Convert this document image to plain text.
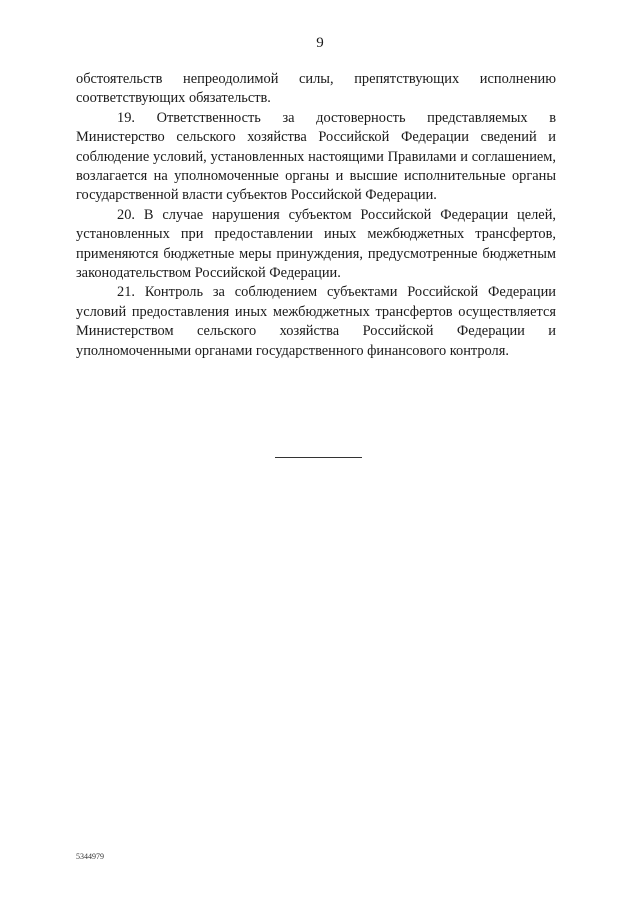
9

обстоятельств непреодолимой силы, препятствующих исполнению соответствующих обязательств.

19. Ответственность за достоверность представляемых в Министерство сельского хозяйства Российской Федерации сведений и соблюдение условий, установленных настоящими Правилами и соглашением, возлагается на уполномоченные органы и высшие исполнительные органы государственной власти субъектов Российской Федерации.

20. В случае нарушения субъектом Российской Федерации целей, установленных при предоставлении иных межбюджетных трансфертов, применяются бюджетные меры принуждения, предусмотренные бюджетным законодательством Российской Федерации.

21. Контроль за соблюдением субъектами Российской Федерации условий предоставления иных межбюджетных трансфертов осуществляется Министерством сельского хозяйства Российской Федерации и уполномоченными органами государственного финансового контроля.

5344979
